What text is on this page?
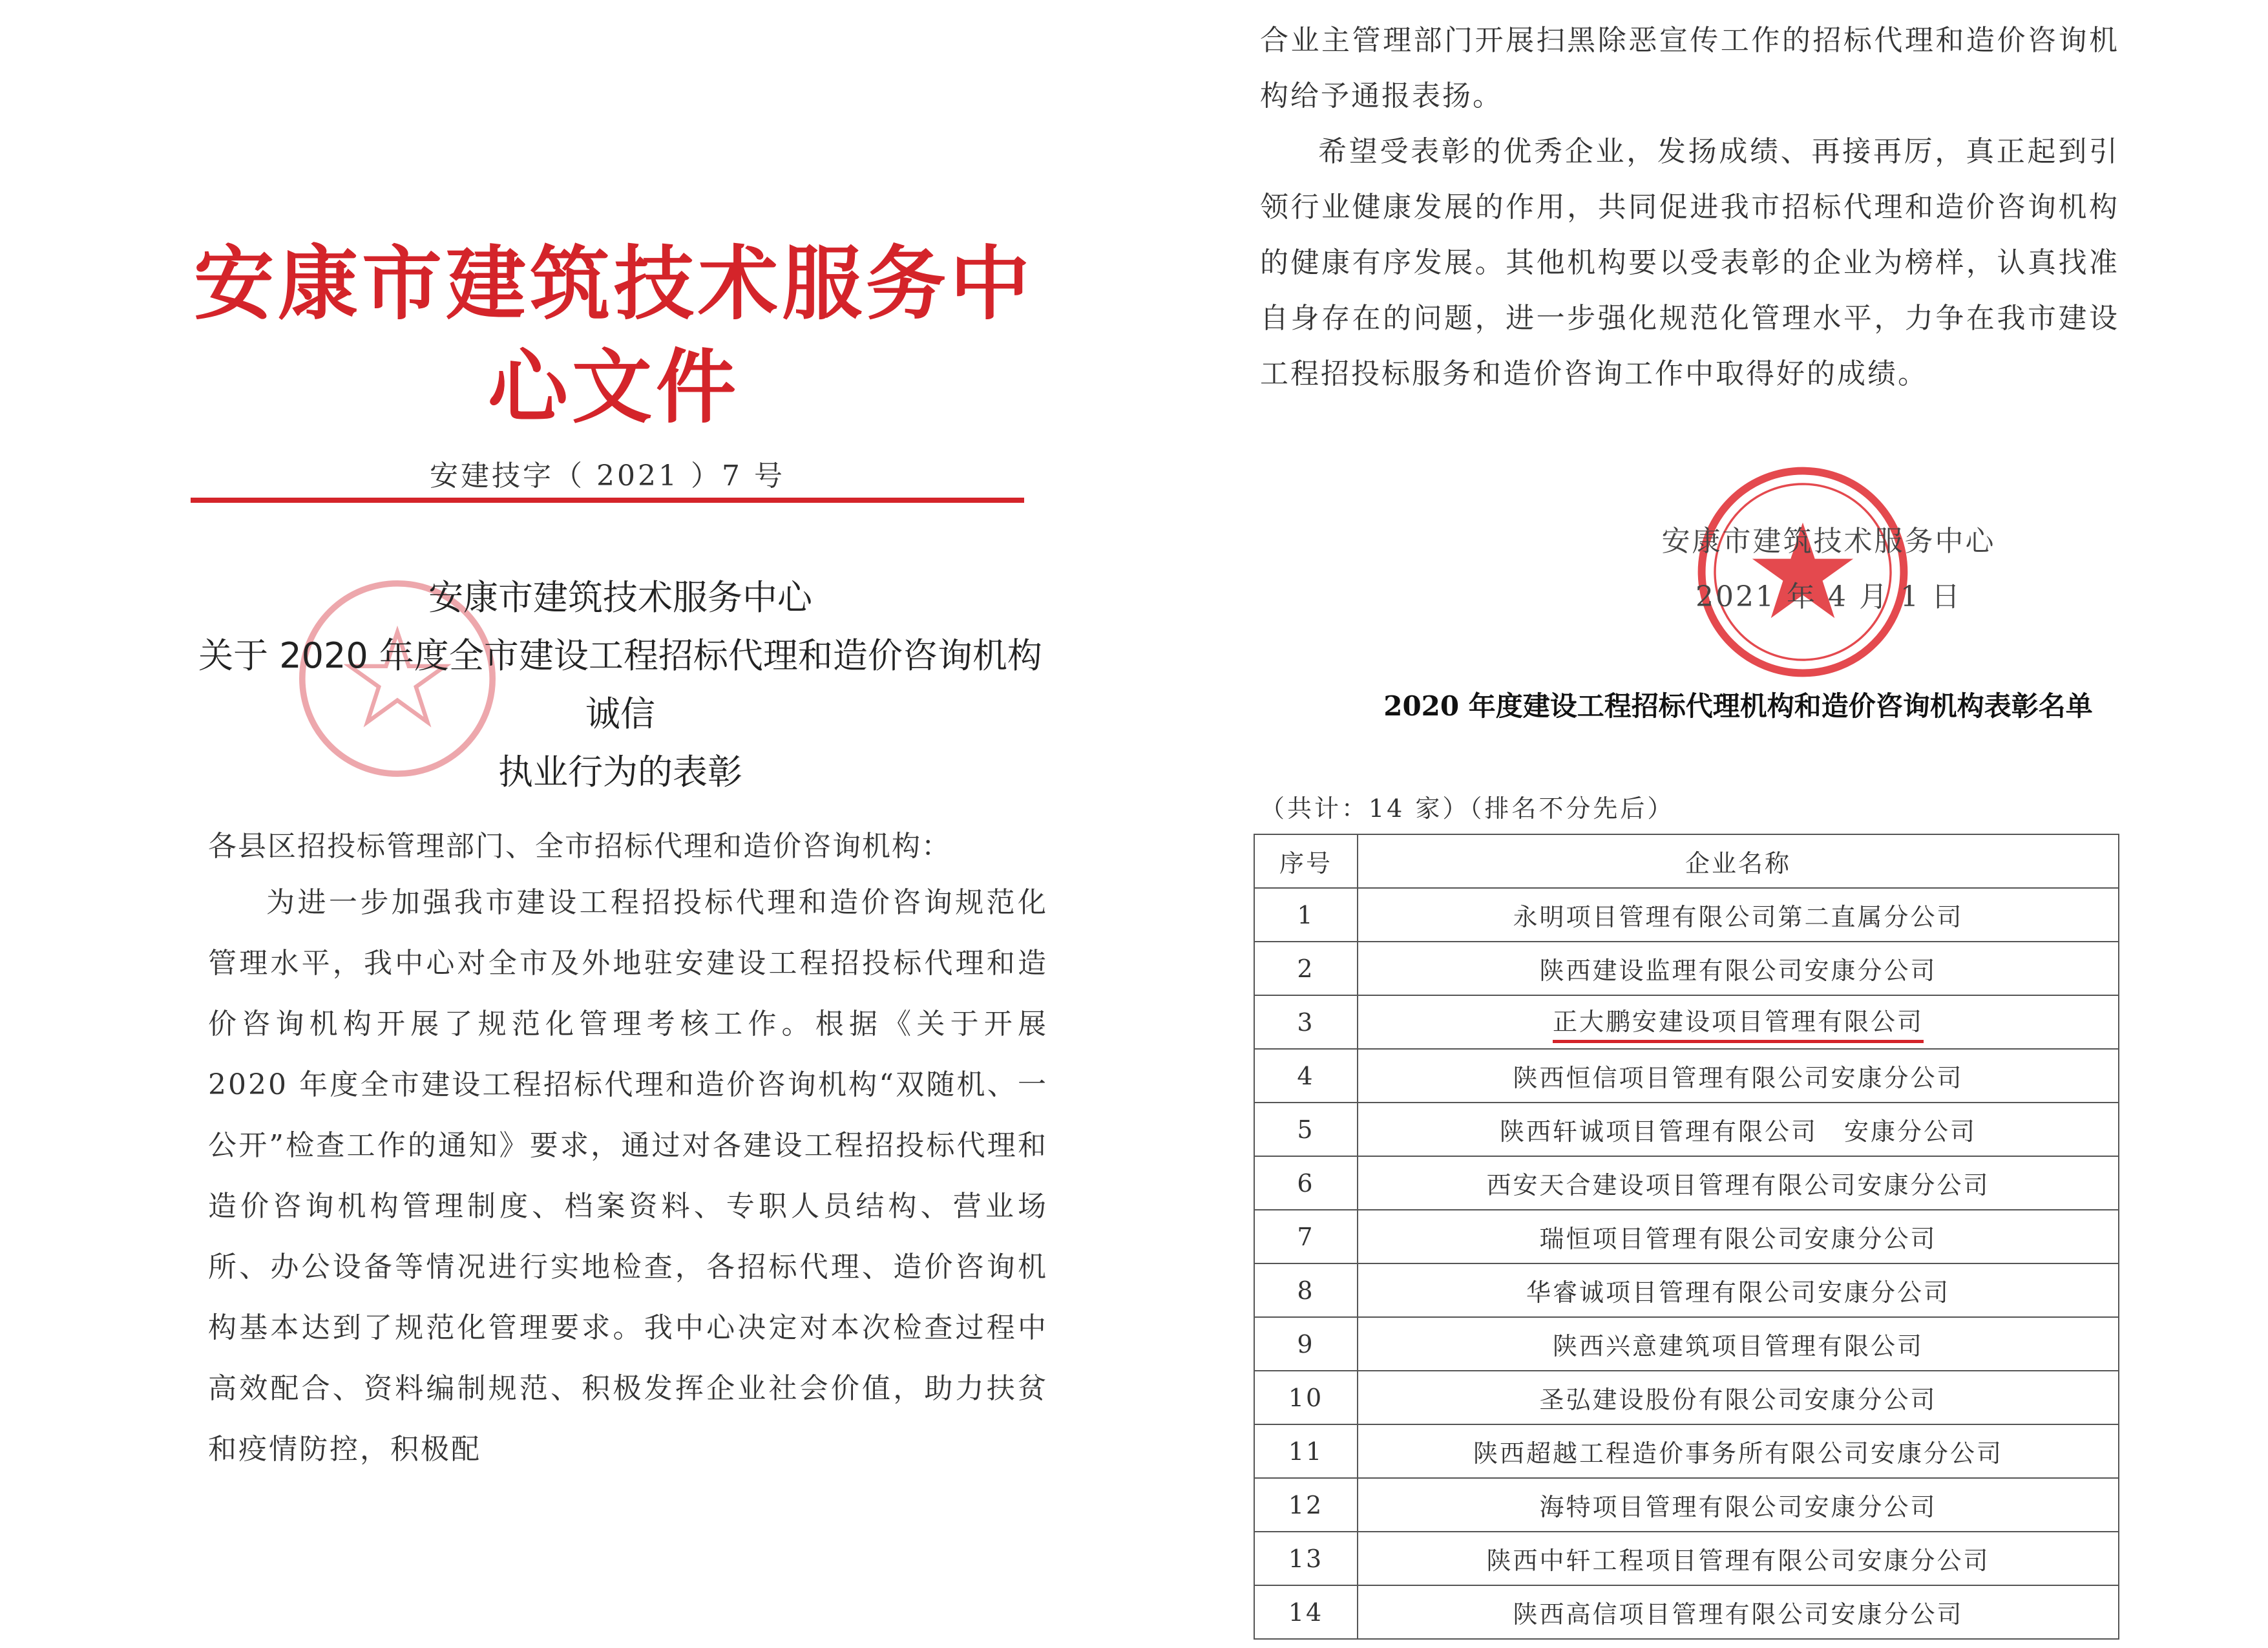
安康市建筑技术服务中心文件
安建技字（ 2021 ）7 号
安康市建筑技术服务中心
关于 2020 年度全市建设工程招标代理和造价咨询机构诚信
执业行为的表彰
各县区招投标管理部门、全市招标代理和造价咨询机构：
为进一步加强我市建设工程招投标代理和造价咨询规范化管理水平，我中心对全市及外地驻安建设工程招投标代理和造价咨询机构开展了规范化管理考核工作。根据《关于开展 2020 年度全市建设工程招标代理和造价咨询机构“双随机、一公开”检查工作的通知》要求，通过对各建设工程招投标代理和造价咨询机构管理制度、档案资料、专职人员结构、营业场所、办公设备等情况进行实地检查，各招标代理、造价咨询机构基本达到了规范化管理要求。我中心决定对本次检查过程中高效配合、资料编制规范、积极发挥企业社会价值，助力扶贫和疫情防控，积极配

合业主管理部门开展扫黑除恶宣传工作的招标代理和造价咨询机构给予通报表扬。

希望受表彰的优秀企业，发扬成绩、再接再厉，真正起到引领行业健康发展的作用，共同促进我市招标代理和造价咨询机构的健康有序发展。其他机构要以受表彰的企业为榜样，认真找准自身存在的问题，进一步强化规范化管理水平，力争在我市建设工程招投标服务和造价咨询工作中取得好的成绩。

安康市建筑技术服务中心
2021 年 4 月 1 日
2020 年度建设工程招标代理机构和造价咨询机构表彰名单
（共计：14 家）（排名不分先后）
序号	企业名称
1	永明项目管理有限公司第二直属分公司
2	陕西建设监理有限公司安康分公司
3	正大鹏安建设项目管理有限公司
4	陕西恒信项目管理有限公司安康分公司
5	陕西轩诚项目管理有限公司　安康分公司
6	西安天合建设项目管理有限公司安康分公司
7	瑞恒项目管理有限公司安康分公司
8	华睿诚项目管理有限公司安康分公司
9	陕西兴意建筑项目管理有限公司
10	圣弘建设股份有限公司安康分公司
11	陕西超越工程造价事务所有限公司安康分公司
12	海特项目管理有限公司安康分公司
13	陕西中轩工程项目管理有限公司安康分公司
14	陕西高信项目管理有限公司安康分公司
